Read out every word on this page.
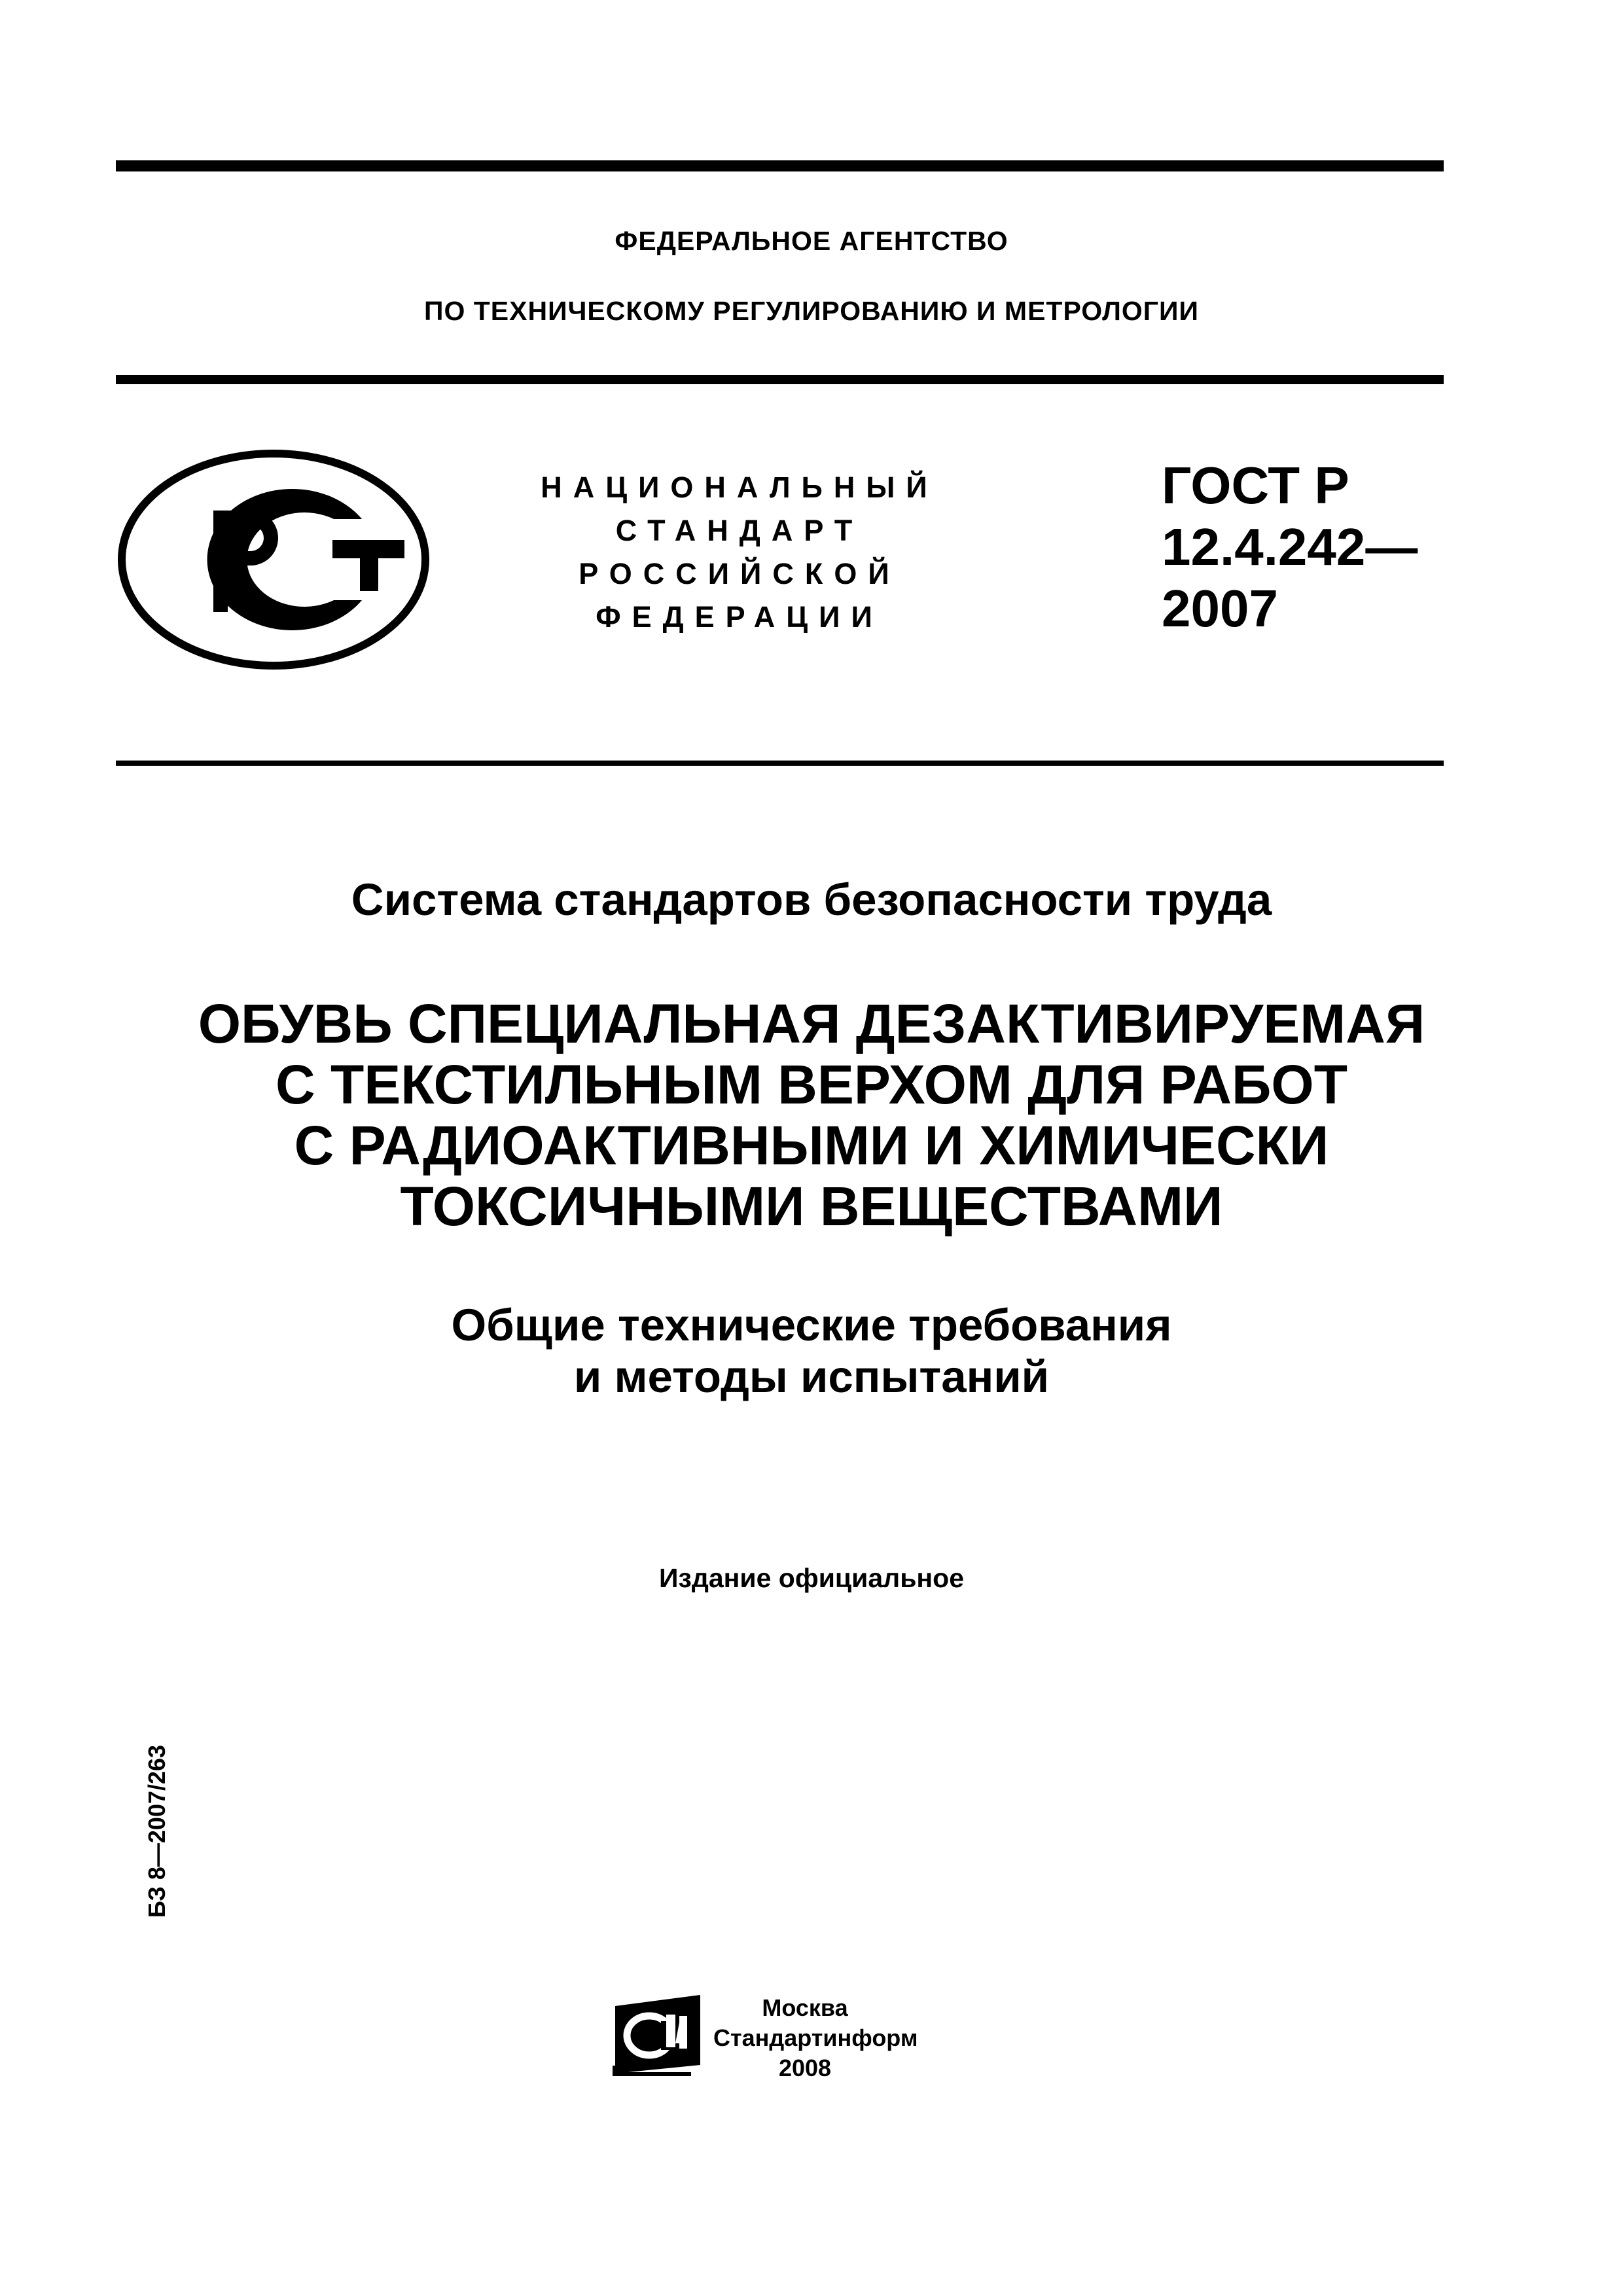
ФЕДЕРАЛЬНОЕ АГЕНТСТВО
ПО ТЕХНИЧЕСКОМУ РЕГУЛИРОВАНИЮ И МЕТРОЛОГИИ
НАЦИОНАЛЬНЫЙ
СТАНДАРТ
РОССИЙСКОЙ
ФЕДЕРАЦИИ
ГОСТ Р
12.4.242—
2007
Система стандартов безопасности труда
ОБУВЬ СПЕЦИАЛЬНАЯ ДЕЗАКТИВИРУЕМАЯ
С ТЕКСТИЛЬНЫМ ВЕРХОМ ДЛЯ РАБОТ
С РАДИОАКТИВНЫМИ И ХИМИЧЕСКИ
ТОКСИЧНЫМИ ВЕЩЕСТВАМИ
Общие технические требования
и методы испытаний
Издание официальное
БЗ 8—2007/263
Москва
Стандартинформ
2008
